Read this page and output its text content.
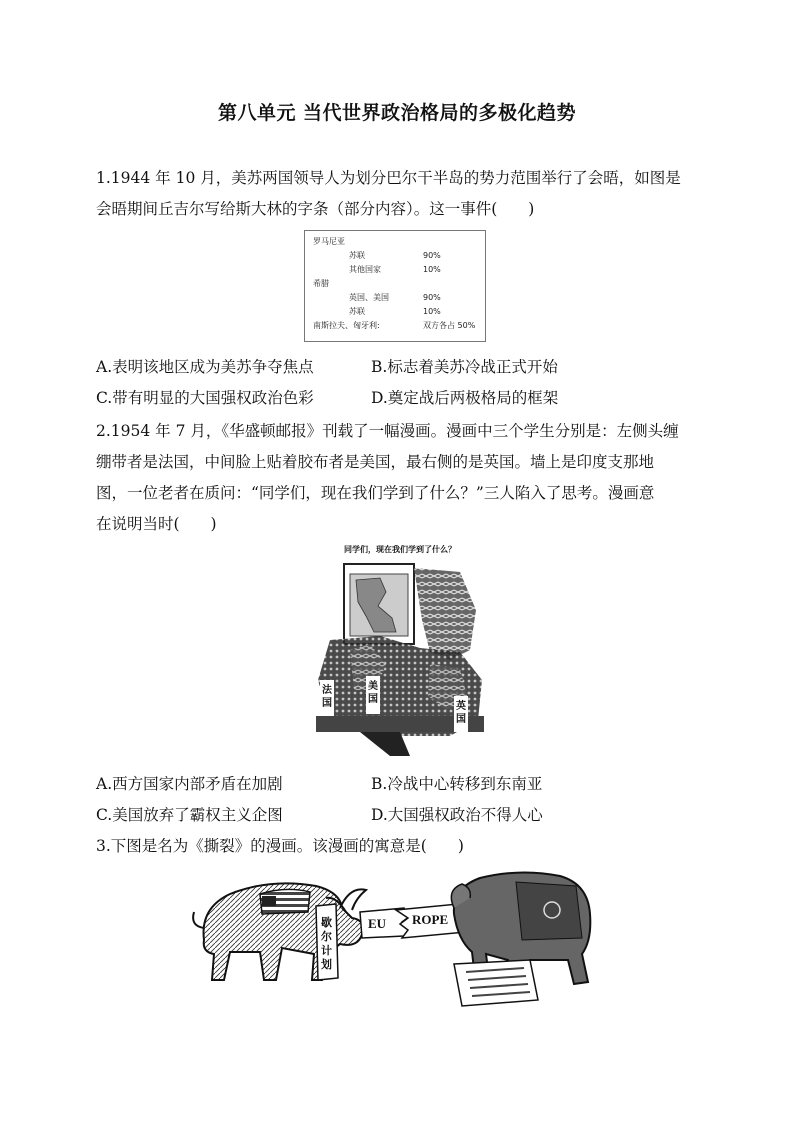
第八单元 当代世界政治格局的多极化趋势
1.1944 年 10 月，美苏两国领导人为划分巴尔干半岛的势力范围举行了会晤，如图是
会晤期间丘吉尔写给斯大林的字条（部分内容）。这一事件(　　)
罗马尼亚
苏联	90%
其他国家	10%
希腊
英国、美国	90%
苏联	10%
南斯拉夫、匈牙利:	双方各占 50%
A.表明该地区成为美苏争夺焦点	B.标志着美苏冷战正式开始
C.带有明显的大国强权政治色彩	D.奠定战后两极格局的框架
2.1954 年 7 月，《华盛顿邮报》刊载了一幅漫画。漫画中三个学生分别是：左侧头缠
绷带者是法国，中间脸上贴着胶布者是美国，最右侧的是英国。墙上是印度支那地
图，一位老者在质问：“同学们，现在我们学到了什么？”三人陷入了思考。漫画意
在说明当时(　　)
同学们，现在我们学到了什么？
法国
美国
英国
A.西方国家内部矛盾在加剧	B.冷战中心转移到东南亚
C.美国放弃了霸权主义企图	D.大国强权政治不得人心
3.下图是名为《撕裂》的漫画。该漫画的寓意是(　　)
歇尔计划
EU ROPE
